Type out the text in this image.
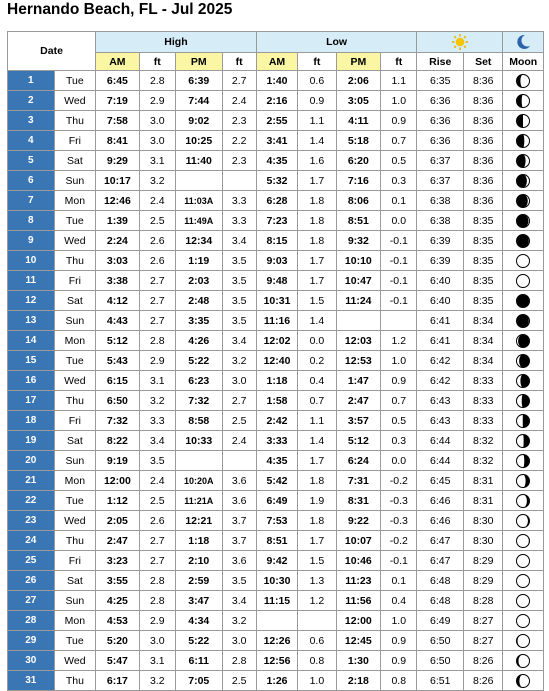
Hernando Beach, FL - Jul 2025
Date		High				Low	

		AM	ft	PM	ft	AM	ft	PM	ft	Rise	Set	Moon
1	Tue	6:45	2.8	6:39	2.7	1:40	0.6	2:06	1.1	6:35	8:36	

2	Wed	7:19	2.9	7:44	2.4	2:16	0.9	3:05	1.0	6:36	8:36	

3	Thu	7:58	3.0	9:02	2.3	2:55	1.1	4:11	0.9	6:36	8:36	

4	Fri	8:41	3.0	10:25	2.2	3:41	1.4	5:18	0.7	6:36	8:36	

5	Sat	9:29	3.1	11:40	2.3	4:35	1.6	6:20	0.5	6:37	8:36	

6	Sun	10:17	3.2			5:32	1.7	7:16	0.3	6:37	8:36	

7	Mon	12:46	2.4	11:03A	3.3	6:28	1.8	8:06	0.1	6:38	8:36	

8	Tue	1:39	2.5	11:49A	3.3	7:23	1.8	8:51	0.0	6:38	8:35	

9	Wed	2:24	2.6	12:34	3.4	8:15	1.8	9:32	-0.1	6:39	8:35	

10	Thu	3:03	2.6	1:19	3.5	9:03	1.7	10:10	-0.1	6:39	8:35	

11	Fri	3:38	2.7	2:03	3.5	9:48	1.7	10:47	-0.1	6:40	8:35	

12	Sat	4:12	2.7	2:48	3.5	10:31	1.5	11:24	-0.1	6:40	8:35	

13	Sun	4:43	2.7	3:35	3.5	11:16	1.4			6:41	8:34	

14	Mon	5:12	2.8	4:26	3.4	12:02	0.0	12:03	1.2	6:41	8:34	

15	Tue	5:43	2.9	5:22	3.2	12:40	0.2	12:53	1.0	6:42	8:34	

16	Wed	6:15	3.1	6:23	3.0	1:18	0.4	1:47	0.9	6:42	8:33	

17	Thu	6:50	3.2	7:32	2.7	1:58	0.7	2:47	0.7	6:43	8:33	

18	Fri	7:32	3.3	8:58	2.5	2:42	1.1	3:57	0.5	6:43	8:33	

19	Sat	8:22	3.4	10:33	2.4	3:33	1.4	5:12	0.3	6:44	8:32	

20	Sun	9:19	3.5			4:35	1.7	6:24	0.0	6:44	8:32	

21	Mon	12:00	2.4	10:20A	3.6	5:42	1.8	7:31	-0.2	6:45	8:31	

22	Tue	1:12	2.5	11:21A	3.6	6:49	1.9	8:31	-0.3	6:46	8:31	

23	Wed	2:05	2.6	12:21	3.7	7:53	1.8	9:22	-0.3	6:46	8:30	

24	Thu	2:47	2.7	1:18	3.7	8:51	1.7	10:07	-0.2	6:47	8:30	

25	Fri	3:23	2.7	2:10	3.6	9:42	1.5	10:46	-0.1	6:47	8:29	

26	Sat	3:55	2.8	2:59	3.5	10:30	1.3	11:23	0.1	6:48	8:29	

27	Sun	4:25	2.8	3:47	3.4	11:15	1.2	11:56	0.4	6:48	8:28	

28	Mon	4:53	2.9	4:34	3.2			12:00	1.0	6:49	8:27	

29	Tue	5:20	3.0	5:22	3.0	12:26	0.6	12:45	0.9	6:50	8:27	

30	Wed	5:47	3.1	6:11	2.8	12:56	0.8	1:30	0.9	6:50	8:26	

31	Thu	6:17	3.2	7:05	2.5	1:26	1.0	2:18	0.8	6:51	8:26	
